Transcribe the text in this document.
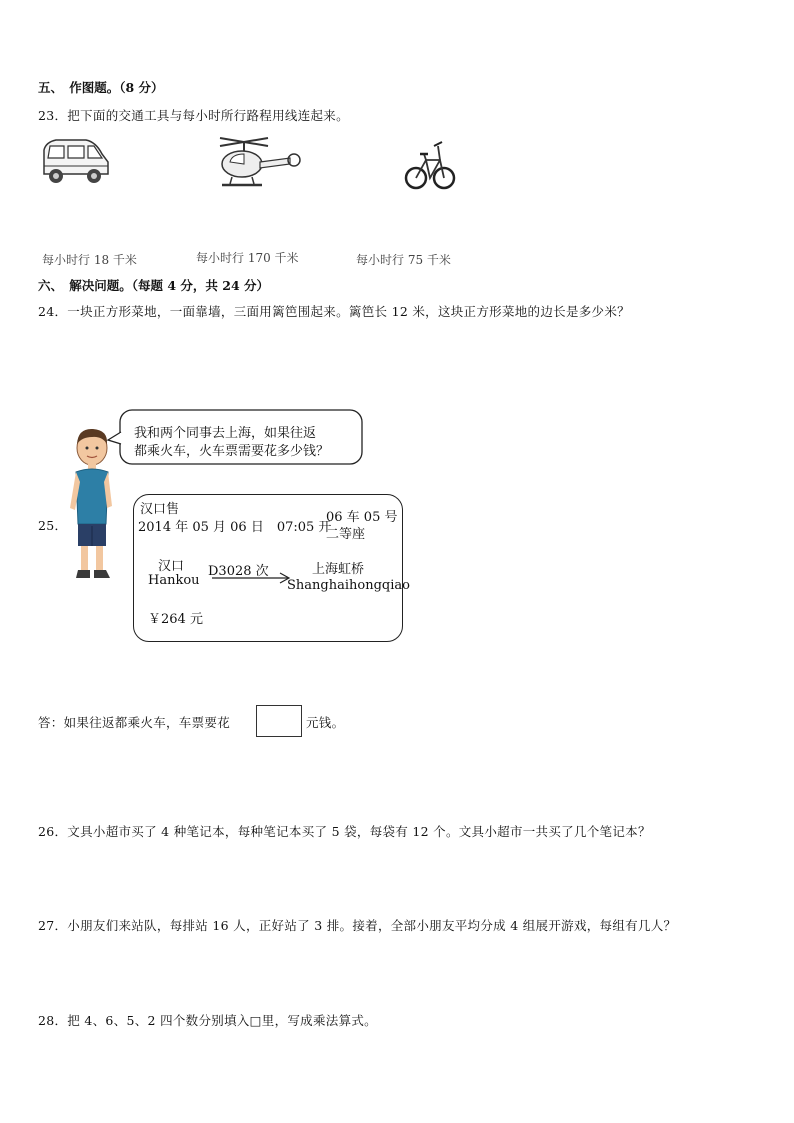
五、　作图题。（8 分）
23．把下面的交通工具与每小时所行路程用线连起来。
每小时行 18 千米	每小时行 170 千米	每小时行 75 千米
六、　解决问题。（每题 4 分，共 24 分）
24．一块正方形菜地，一面靠墙，三面用篱笆围起来。篱笆长 12 米，这块正方形菜地的边长是多少米？
25．
我和两个同事去上海，如果往返
都乘火车，火车票需要花多少钱？
汉口售
2014 年 05 月 06 日　07:05 开
06 车 05 号
二等座
汉口
Hankou
D3028 次	上海虹桥
Shanghaihongqiao
￥264 元
答：如果往返都乘火车，车票要花	元钱。
26．文具小超市买了 4 种笔记本，每种笔记本买了 5 袋，每袋有 12 个。文具小超市一共买了几个笔记本？
27．小朋友们来站队，每排站 16 人，正好站了 3 排。接着，全部小朋友平均分成 4 组展开游戏，每组有几人？
28．把 4、6、5、2 四个数分别填入□里，写成乘法算式。
